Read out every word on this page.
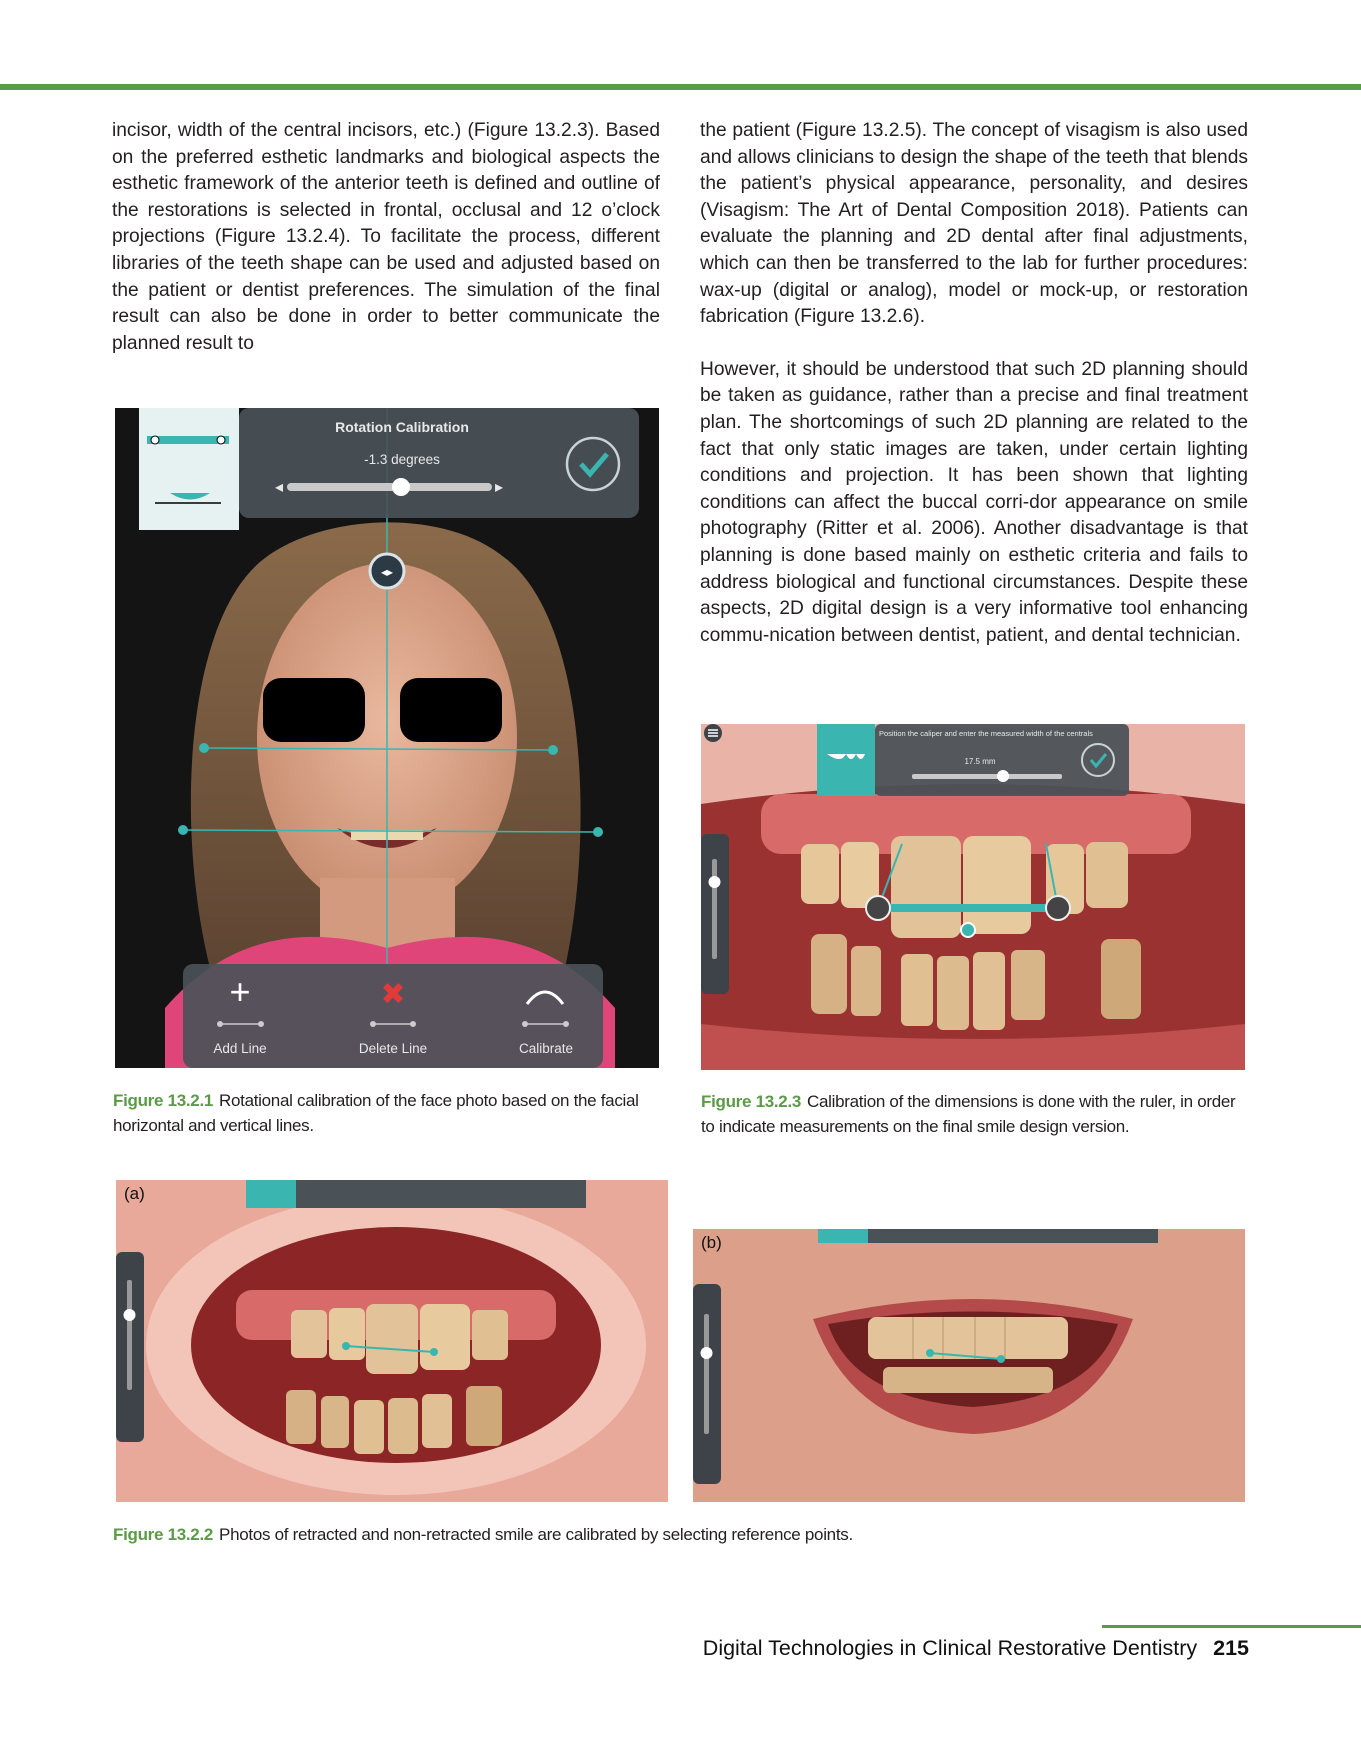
incisor, width of the central incisors, etc.) (Figure 13.2.3). Based on the preferred esthetic landmarks and biological aspects the esthetic framework of the anterior teeth is defined and outline of the restorations is selected in frontal, occlusal and 12 o’clock projections (Figure 13.2.4). To facilitate the process, different libraries of the teeth shape can be used and adjusted based on the patient or dentist preferences. The simulation of the final result can also be done in order to better communicate the planned result to

the patient (Figure 13.2.5). The concept of visagism is also used and allows clinicians to design the shape of the teeth that blends the patient’s physical appearance, personality, and desires (Visagism: The Art of Dental Composition 2018). Patients can evaluate the planning and 2D dental after final adjustments, which can then be transferred to the lab for further procedures: wax-up (digital or analog), model or mock-up, or restoration fabrication (Figure 13.2.6).

However, it should be understood that such 2D planning should be taken as guidance, rather than a precise and final treatment plan. The shortcomings of such 2D planning are related to the fact that only static images are taken, under certain lighting conditions and projection. It has been shown that lighting conditions can affect the buccal corri-dor appearance on smile photography (Ritter et al. 2006). Another disadvantage is that planning is done based mainly on esthetic criteria and fails to address biological and functional circumstances. Despite these aspects, 2D digital design is a very informative tool enhancing commu-nication between dentist, patient, and dental technician.

◂▸
Rotation Calibration
-1.3 degrees
◂	▸
+	✖
Add Line	Delete Line	Calibrate
Figure 13.2.1 Rotational calibration of the face photo based on the facial horizontal and vertical lines.
Position the caliper and enter the measured width of the centrals
17.5 mm
Figure 13.2.3 Calibration of the dimensions is done with the ruler, in order to indicate measurements on the final smile design version.
(a)
(b)
Figure 13.2.2 Photos of retracted and non-retracted smile are calibrated by selecting reference points.
Digital Technologies in Clinical Restorative Dentistry 215
